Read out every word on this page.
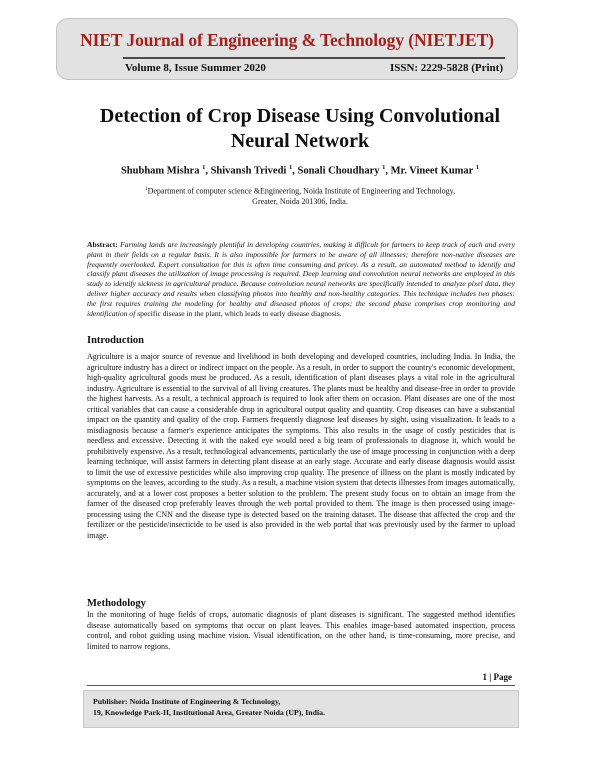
NIET Journal of Engineering & Technology (NIETJET)
Volume 8, Issue Summer 2020	ISSN: 2229-5828 (Print)
Detection of Crop Disease Using Convolutional
Neural Network
Shubham Mishra $^1$, Shivansh Trivedi $^1$, Sonali Choudhary $^1$, Mr. Vineet Kumar $^1$
$^1$Department of computer science &Engineering, Noida Institute of Engineering and Technology,
Greater, Noida 201306, India.

Abstract: Farming lands are increasingly plentiful in developing countries, making it difficult for farmers to keep track of each and every plant in their fields on a regular basis. It is also impossible for farmers to be aware of all illnesses; therefore non-native diseases are frequently overlooked. Expert consultation for this is often time consuming and pricey. As a result, an automated method to identify and classify plant diseases the utilization of image processing is required. Deep learning and convolution neural networks are employed in this study to identify sickness in agricultural produce. Because convolution neural networks are specifically intended to analyze pixel data, they deliver higher accuracy and results when classifying photos into healthy and non-healthy categories. This technique includes two phases: the first requires training the modeling for healthy and diseased photos of crops; the second phase comprises crop monitoring and identification of specific disease in the plant, which leads to early disease diagnosis.

Introduction

Agriculture is a major source of revenue and livelihood in both developing and developed countries, including India. In India, the agriculture industry has a direct or indirect impact on the people. As a result, in order to support the country's economic development, high-quality agricultural goods must be produced. As a result, identification of plant diseases plays a vital role in the agricultural industry. Agriculture is essential to the survival of all living creatures. The plants must be healthy and disease-free in order to provide the highest harvests. As a result, a technical approach is required to look after them on occasion. Plant diseases are one of the most critical variables that can cause a considerable drop in agricultural output quality and quantity. Crop diseases can have a substantial impact on the quantity and quality of the crop. Farmers frequently diagnose leaf diseases by sight, using visualization. It leads to a misdiagnosis because a farmer's experience anticipates the symptoms. This also results in the usage of costly pesticides that is needless and excessive. Detecting it with the naked eye would need a big team of professionals to diagnose it, which would be prohibitively expensive. As a result, technological advancements, particularly the use of image processing in conjunction with a deep learning technique, will assist farmers in detecting plant disease at an early stage. Accurate and early disease diagnosis would assist to limit the use of excessive pesticides while also improving crop quality. The presence of illness on the plant is mostly indicated by symptoms on the leaves, according to the study. As a result, a machine vision system that detects illnesses from images automatically, accurately, and at a lower cost proposes a better solution to the problem. The present study focus on to obtain an image from the farmer of the diseased crop preferably leaves through the web portal provided to them. The image is then processed using image-processing using the CNN and the disease type is detected based on the training dataset. The disease that affected the crop and the fertilizer or the pesticide/insecticide to be used is also provided in the web portal that was previously used by the farmer to upload image.

Methodology

In the monitoring of huge fields of crops, automatic diagnosis of plant diseases is significant. The suggested method identifies disease automatically based on symptoms that occur on plant leaves. This enables image-based automated inspection, process control, and robot guiding using machine vision. Visual identification, on the other hand, is time-consuming, more precise, and limited to narrow regions.

1 | Page
Publisher: Noida Institute of Engineering & Technology,
19, Knowledge Park-II, Institutional Area, Greater Noida (UP), India.
